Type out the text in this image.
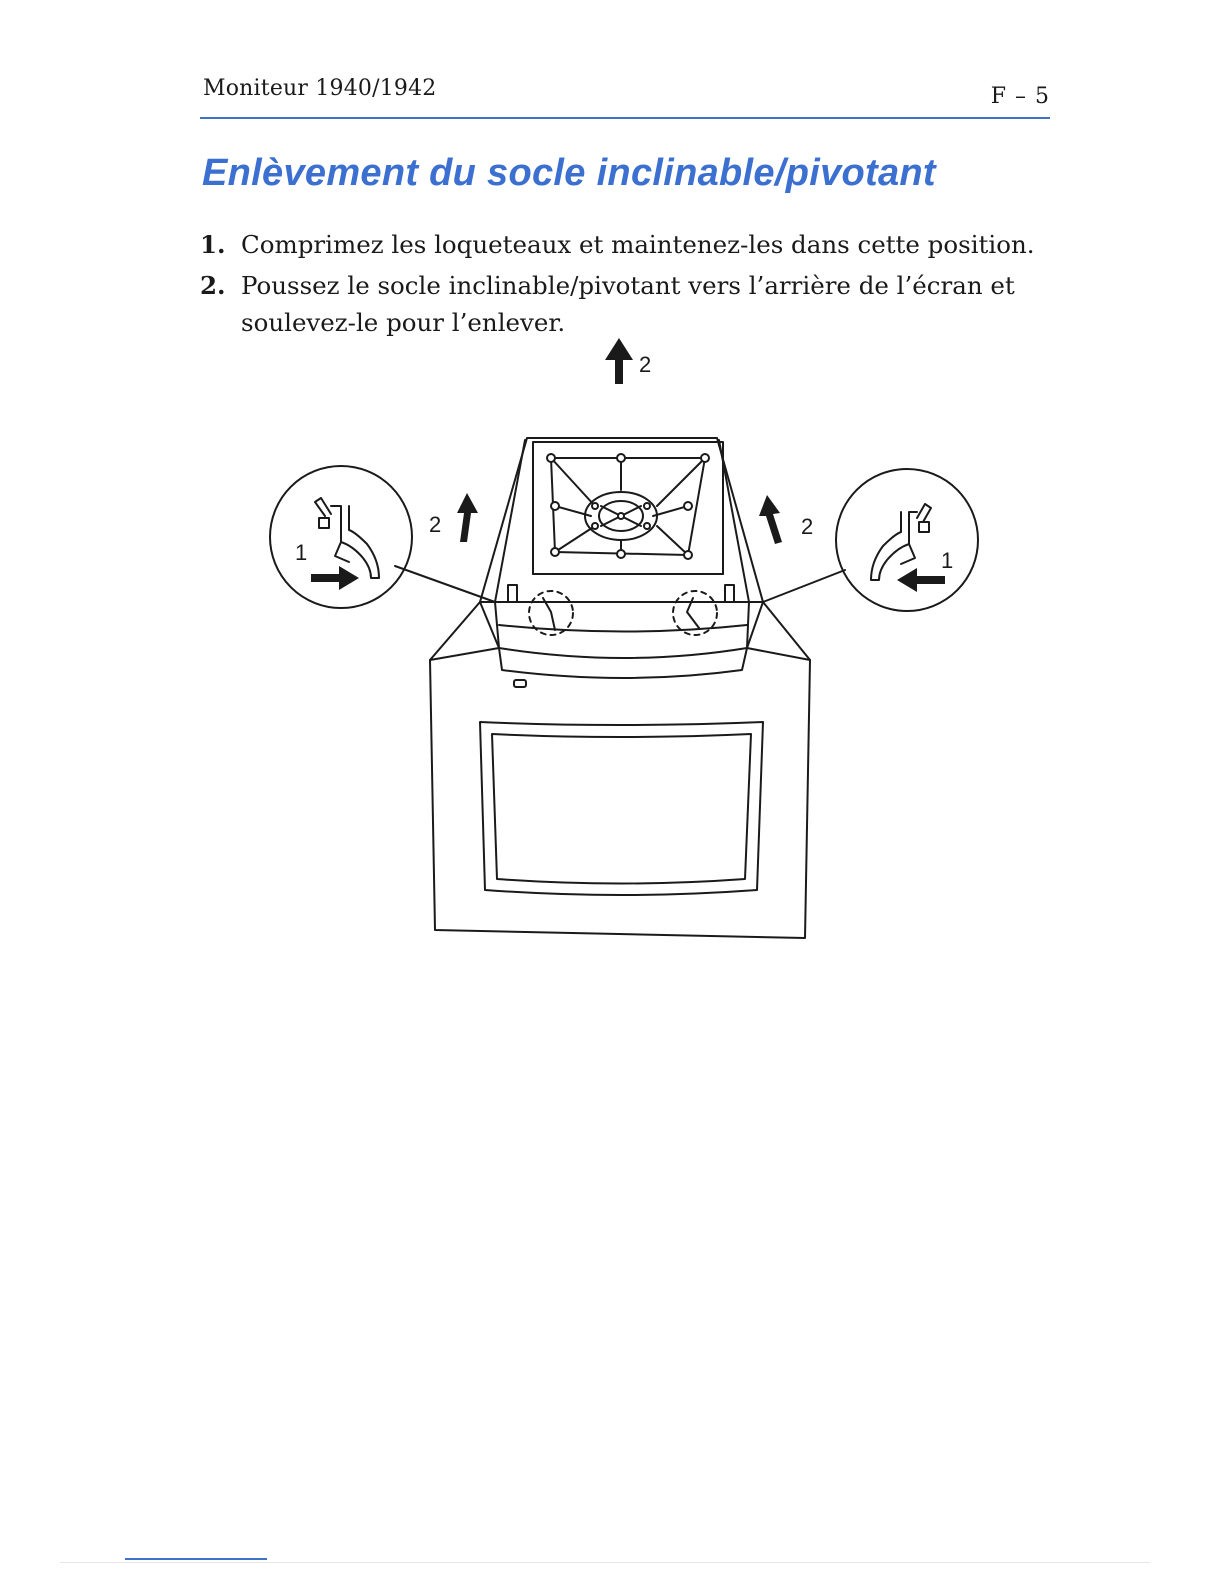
Moniteur 1940/1942	F – 5
Enlèvement du socle inclinable/pivotant
1. Comprimez les loqueteaux et maintenez-les dans cette position.
2. Poussez le socle inclinable/pivotant vers l’arrière de l’écran et soulevez-le pour l’enlever.
2
2	2
1	1
